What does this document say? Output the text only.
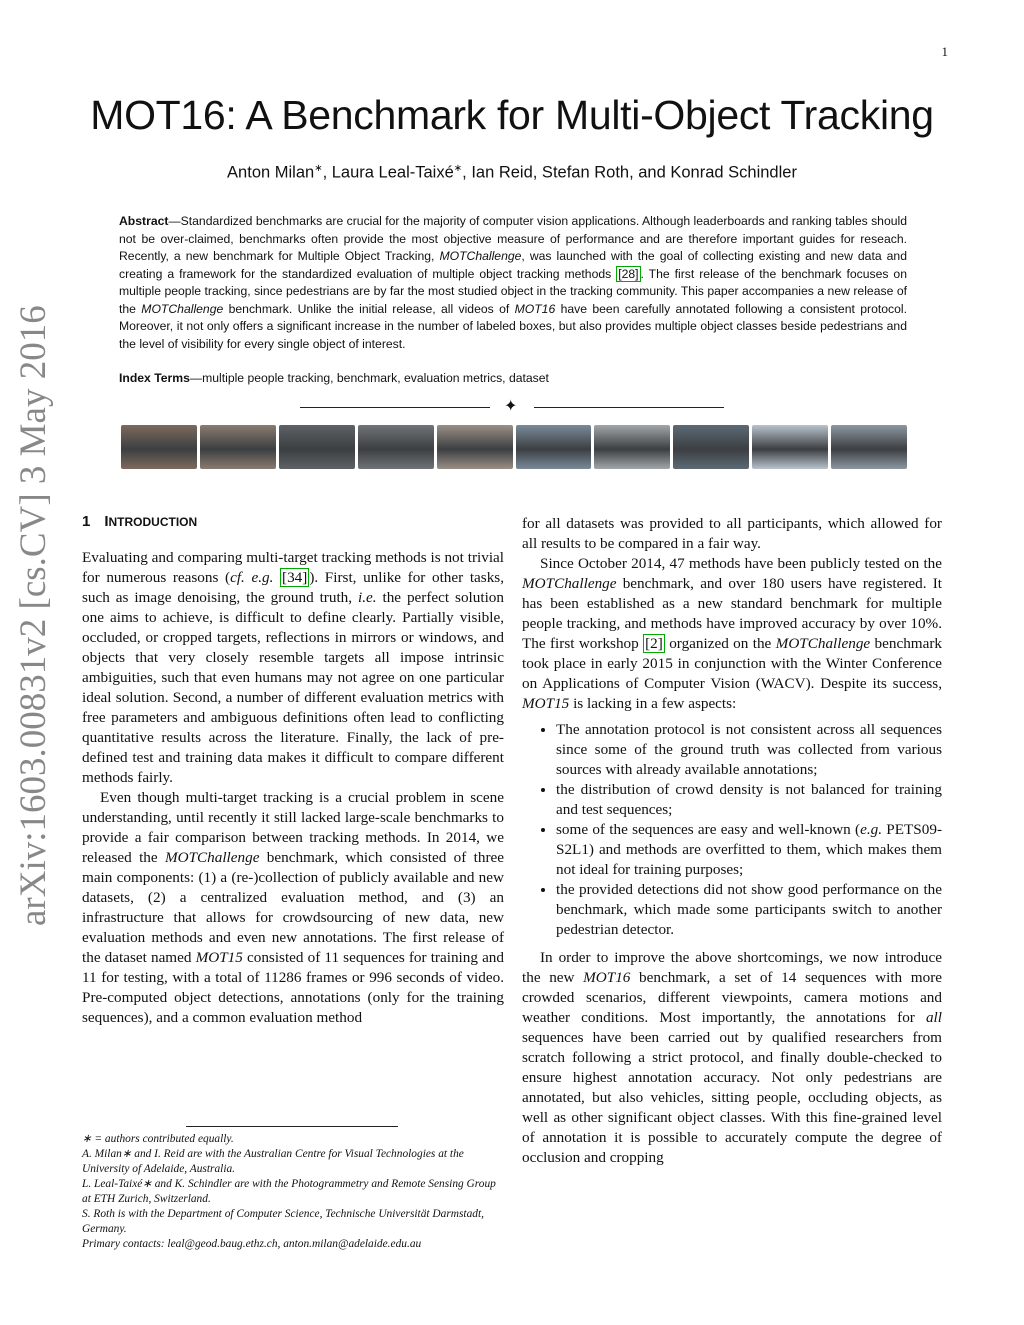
1
MOT16: A Benchmark for Multi-Object Tracking
Anton Milan∗, Laura Leal-Taixé∗, Ian Reid, Stefan Roth, and Konrad Schindler
Abstract—Standardized benchmarks are crucial for the majority of computer vision applications. Although leaderboards and ranking tables should not be over-claimed, benchmarks often provide the most objective measure of performance and are therefore important guides for reseach. Recently, a new benchmark for Multiple Object Tracking, MOTChallenge, was launched with the goal of collecting existing and new data and creating a framework for the standardized evaluation of multiple object tracking methods [28] . The first release of the benchmark focuses on multiple people tracking, since pedestrians are by far the most studied object in the tracking community. This paper accompanies a new release of the MOTChallenge benchmark. Unlike the initial release, all videos of MOT16 have been carefully annotated following a consistent protocol. Moreover, it not only offers a significant increase in the number of labeled boxes, but also provides multiple object classes beside pedestrians and the level of visibility for every single object of interest.
Index Terms—multiple people tracking, benchmark, evaluation metrics, dataset
✦
arXiv:1603.00831v2 [cs.CV] 3 May 2016 1 INTRODUCTION

Evaluating and comparing multi-target tracking methods is not trivial for numerous reasons (cf. e.g. [34] ). First, unlike for other tasks, such as image denoising, the ground truth, i.e. the perfect solution one aims to achieve, is difficult to define clearly. Partially visible, occluded, or cropped targets, reflections in mirrors or windows, and objects that very closely resemble targets all impose intrinsic ambiguities, such that even humans may not agree on one particular ideal solution. Second, a number of different evaluation metrics with free parameters and ambiguous definitions often lead to conflicting quantitative results across the literature. Finally, the lack of pre-defined test and training data makes it difficult to compare different methods fairly.

Even though multi-target tracking is a crucial problem in scene understanding, until recently it still lacked large-scale benchmarks to provide a fair comparison between tracking methods. In 2014, we released the MOTChallenge benchmark, which consisted of three main components: (1) a (re-)collection of publicly available and new datasets, (2) a centralized evaluation method, and (3) an infrastructure that allows for crowdsourcing of new data, new evaluation methods and even new annotations. The first release of the dataset named MOT15 consisted of 11 sequences for training and 11 for testing, with a total of 11286 frames or 996 seconds of video. Pre-computed object detections, annotations (only for the training sequences), and a common evaluation method

for all datasets was provided to all participants, which allowed for all results to be compared in a fair way.

Since October 2014, 47 methods have been publicly tested on the MOTChallenge benchmark, and over 180 users have registered. It has been established as a new standard benchmark for multiple people tracking, and methods have improved accuracy by over 10%. The first workshop [2] organized on the MOTChallenge benchmark took place in early 2015 in conjunction with the Winter Conference on Applications of Computer Vision (WACV). Despite its success, MOT15 is lacking in a few aspects:

• The annotation protocol is not consistent across all sequences since some of the ground truth was collected from various sources with already available annotations;
• the distribution of crowd density is not balanced for training and test sequences;
• some of the sequences are easy and well-known (e.g. PETS09-S2L1) and methods are overfitted to them, which makes them not ideal for training purposes;
• the provided detections did not show good performance on the benchmark, which made some participants switch to another pedestrian detector.

In order to improve the above shortcomings, we now introduce the new MOT16 benchmark, a set of 14 sequences with more crowded scenarios, different viewpoints, camera motions and weather conditions. Most importantly, the annotations for all sequences have been carried out by qualified researchers from scratch following a strict protocol, and finally double-checked to ensure highest annotation accuracy. Not only pedestrians are annotated, but also vehicles, sitting people, occluding objects, as well as other significant object classes. With this fine-grained level of annotation it is possible to accurately compute the degree of occlusion and cropping

∗ = authors contributed equally.
A. Milan∗ and I. Reid are with the Australian Centre for Visual Technologies at the University of Adelaide, Australia.
L. Leal-Taixé∗ and K. Schindler are with the Photogrammetry and Remote Sensing Group at ETH Zurich, Switzerland.
S. Roth is with the Department of Computer Science, Technische Universität Darmstadt, Germany.
Primary contacts: leal@geod.baug.ethz.ch, anton.milan@adelaide.edu.au
